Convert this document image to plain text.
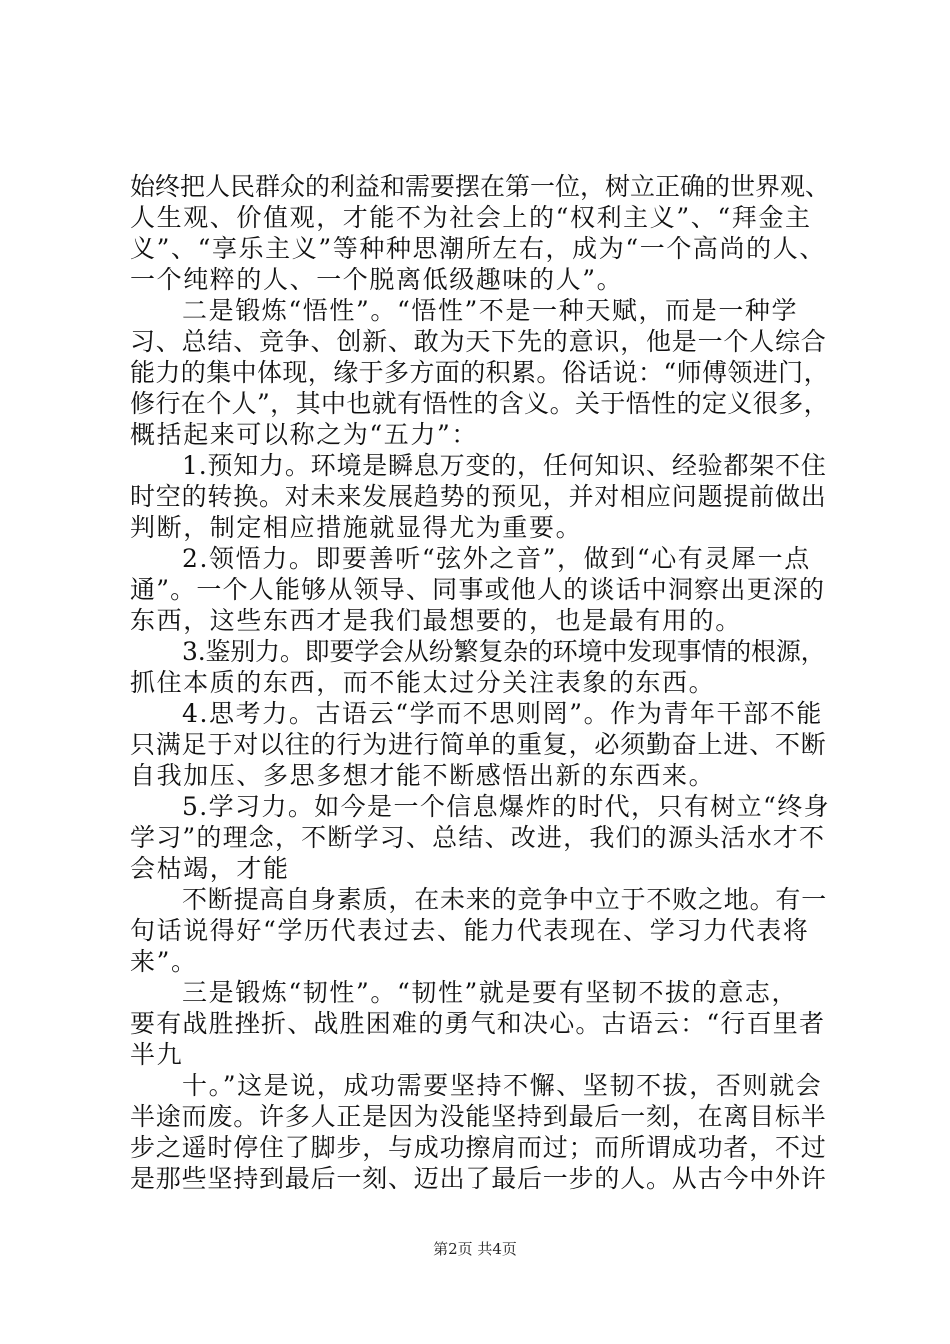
始终把人民群众的利益和需要摆在第一位，树立正确的世界观、

人生观、价值观，才能不为社会上的“权利主义”、“拜金主

义”、“享乐主义”等种种思潮所左右，成为“一个高尚的人、

一个纯粹的人、一个脱离低级趣味的人”。

二是锻炼“悟性”。“悟性”不是一种天赋，而是一种学

习、总结、竞争、创新、敢为天下先的意识，他是一个人综合

能力的集中体现，缘于多方面的积累。俗话说：“师傅领进门，

修行在个人”，其中也就有悟性的含义。关于悟性的定义很多，

概括起来可以称之为“五力”：

1.预知力。环境是瞬息万变的，任何知识、经验都架不住

时空的转换。对未来发展趋势的预见，并对相应问题提前做出

判断，制定相应措施就显得尤为重要。

2.领悟力。即要善听“弦外之音”，做到“心有灵犀一点

通”。一个人能够从领导、同事或他人的谈话中洞察出更深的

东西，这些东西才是我们最想要的，也是最有用的。

3.鉴别力。即要学会从纷繁复杂的环境中发现事情的根源，

抓住本质的东西，而不能太过分关注表象的东西。

4.思考力。古语云“学而不思则罔”。作为青年干部不能

只满足于对以往的行为进行简单的重复，必须勤奋上进、不断

自我加压、多思多想才能不断感悟出新的东西来。

5.学习力。如今是一个信息爆炸的时代，只有树立“终身

学习”的理念，不断学习、总结、改进，我们的源头活水才不

会枯竭，才能

不断提高自身素质，在未来的竞争中立于不败之地。有一

句话说得好“学历代表过去、能力代表现在、学习力代表将

来”。

三是锻炼“韧性”。“韧性”就是要有坚韧不拔的意志，

要有战胜挫折、战胜困难的勇气和决心。古语云：“行百里者

半九

十。”这是说，成功需要坚持不懈、坚韧不拔，否则就会

半途而废。许多人正是因为没能坚持到最后一刻，在离目标半

步之遥时停住了脚步，与成功擦肩而过；而所谓成功者，不过

是那些坚持到最后一刻、迈出了最后一步的人。从古今中外许

第2页 共4页
